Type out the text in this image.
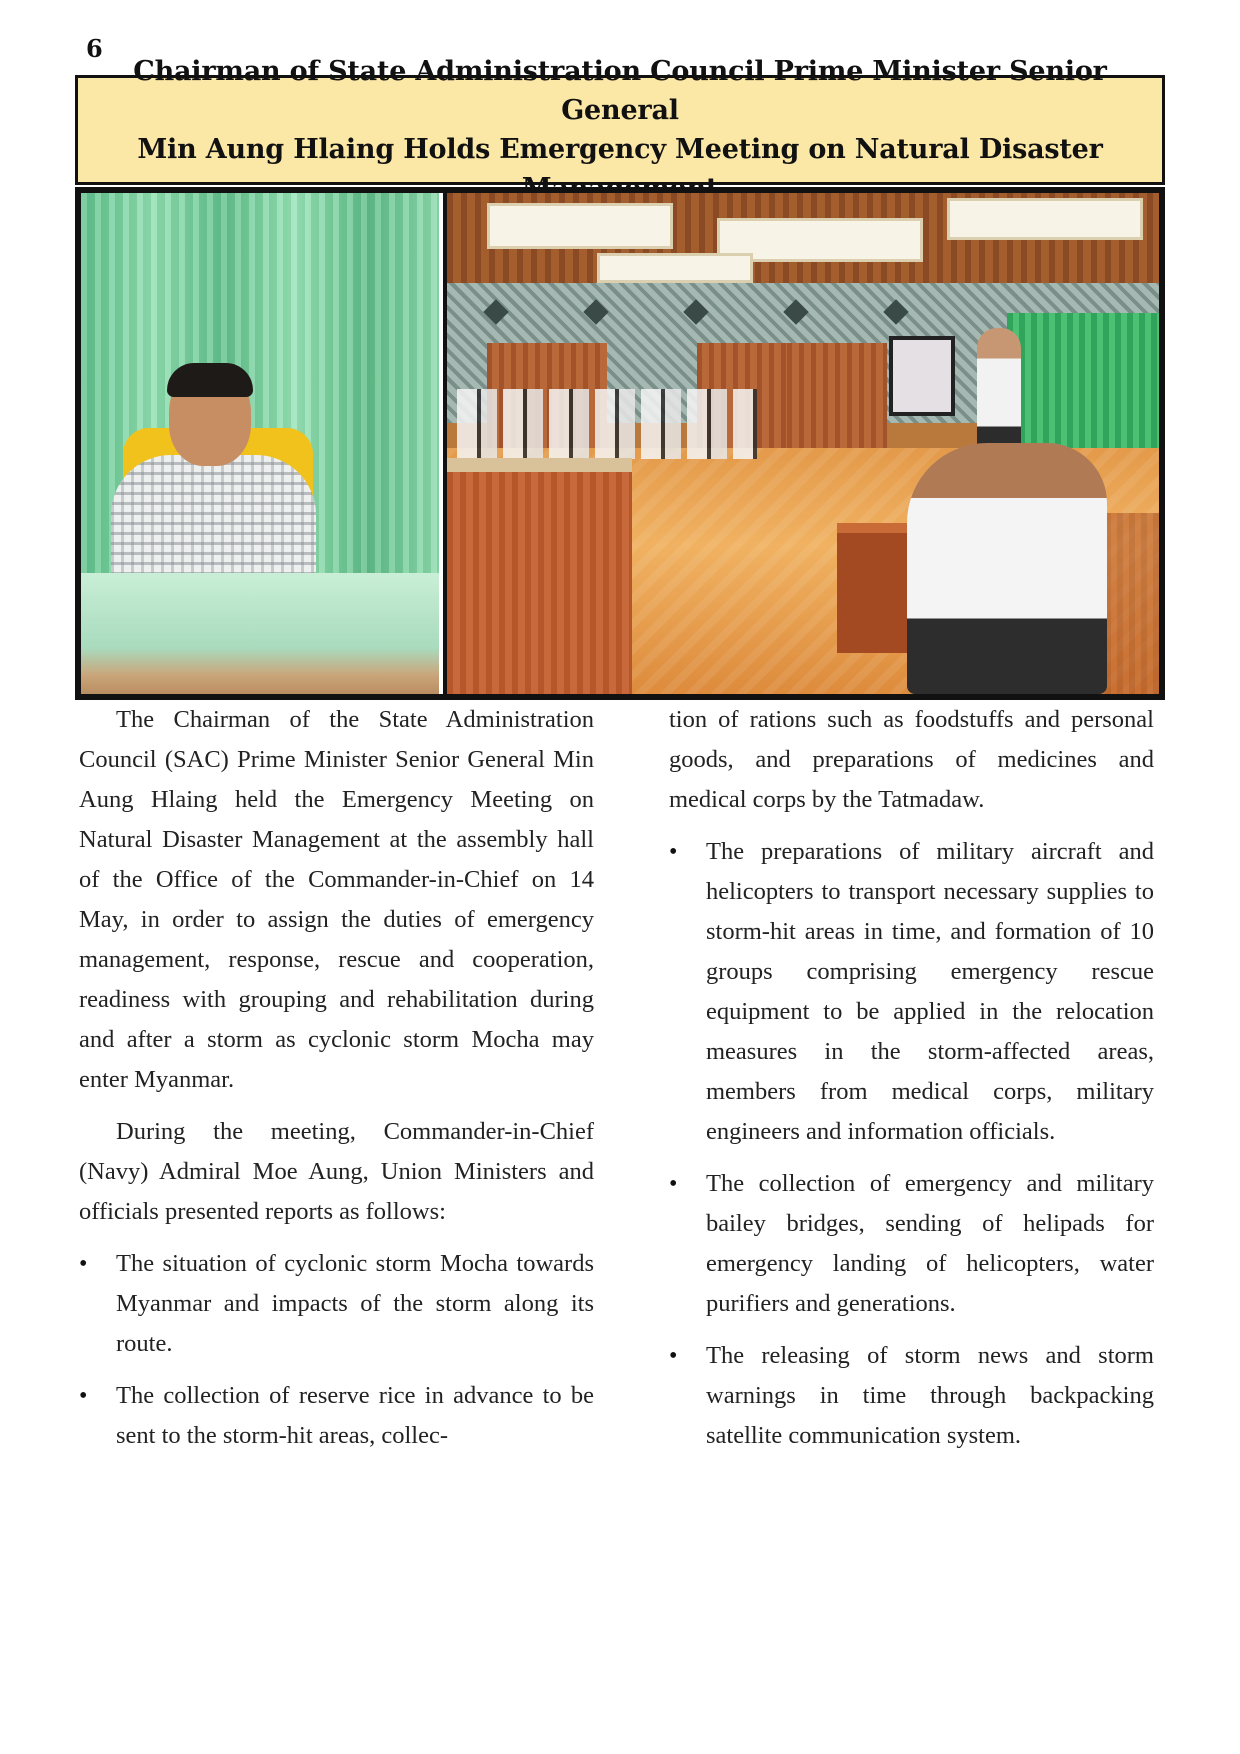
6
Chairman of State Administration Council Prime Minister Senior General
Min Aung Hlaing Holds Emergency Meeting on Natural Disaster

The Chairman of the State Administration Council (SAC) Prime Minister Senior General Min Aung Hlaing held the Emergency Meeting on Natural Disaster Management at the assembly hall of the Office of the Commander-in-Chief on 14 May, in order to assign the duties of emergency management, response, rescue and cooperation, readiness with grouping and rehabilitation during and after a storm as cyclonic storm Mocha may enter Myanmar.

During the meeting, Commander-in-Chief (Navy) Admiral Moe Aung, Union Ministers and officials presented reports as follows:

• The situation of cyclonic storm Mocha towards Myanmar and impacts of the storm along its route.
• The collection of reserve rice in advance to be sent to the storm-hit areas, collec-

tion of rations such as foodstuffs and personal goods, and preparations of medicines and medical corps by the Tatmadaw.

• The preparations of military aircraft and helicopters to transport necessary supplies to storm-hit areas in time, and formation of 10 groups comprising emergency rescue equipment to be applied in the relocation measures in the storm-affected areas, members from medical corps, military engineers and information officials.
• The collection of emergency and military bailey bridges, sending of helipads for emergency landing of helicopters, water purifiers and generations.
• The releasing of storm news and storm warnings in time through backpacking satellite communication system.
